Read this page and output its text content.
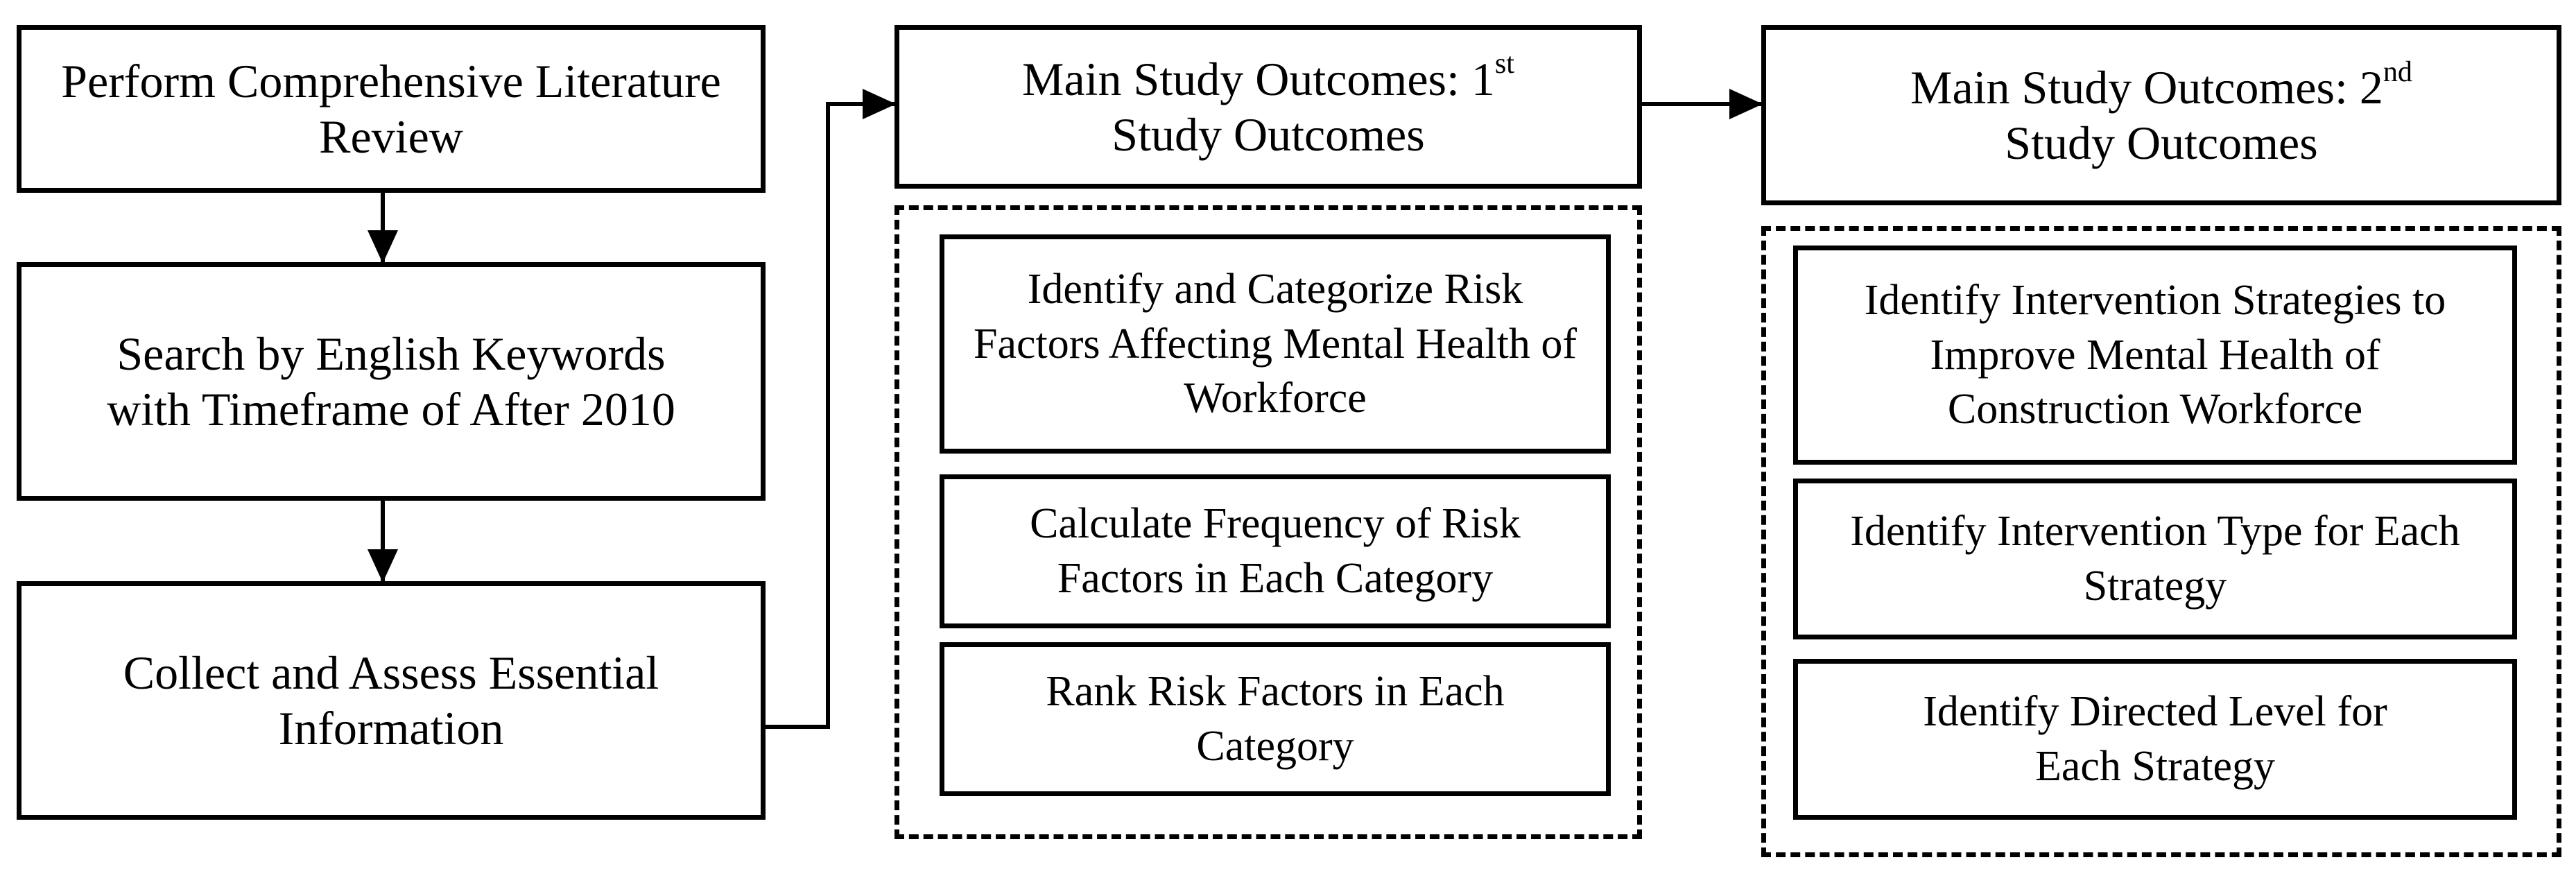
Perform Comprehensive Literature Review
Search by English Keywords with Timeframe of After 2010
Collect and Assess Essential Information
Main Study Outcomes: 1st
Study Outcomes
Identify and Categorize Risk Factors Affecting Mental Health of Workforce
Calculate Frequency of Risk Factors in Each Category
Rank Risk Factors in Each Category
Main Study Outcomes: 2nd
Study Outcomes
Identify Intervention Strategies to Improve Mental Health of Construction Workforce
Identify Intervention Type for Each Strategy
Identify Directed Level for Each Strategy
